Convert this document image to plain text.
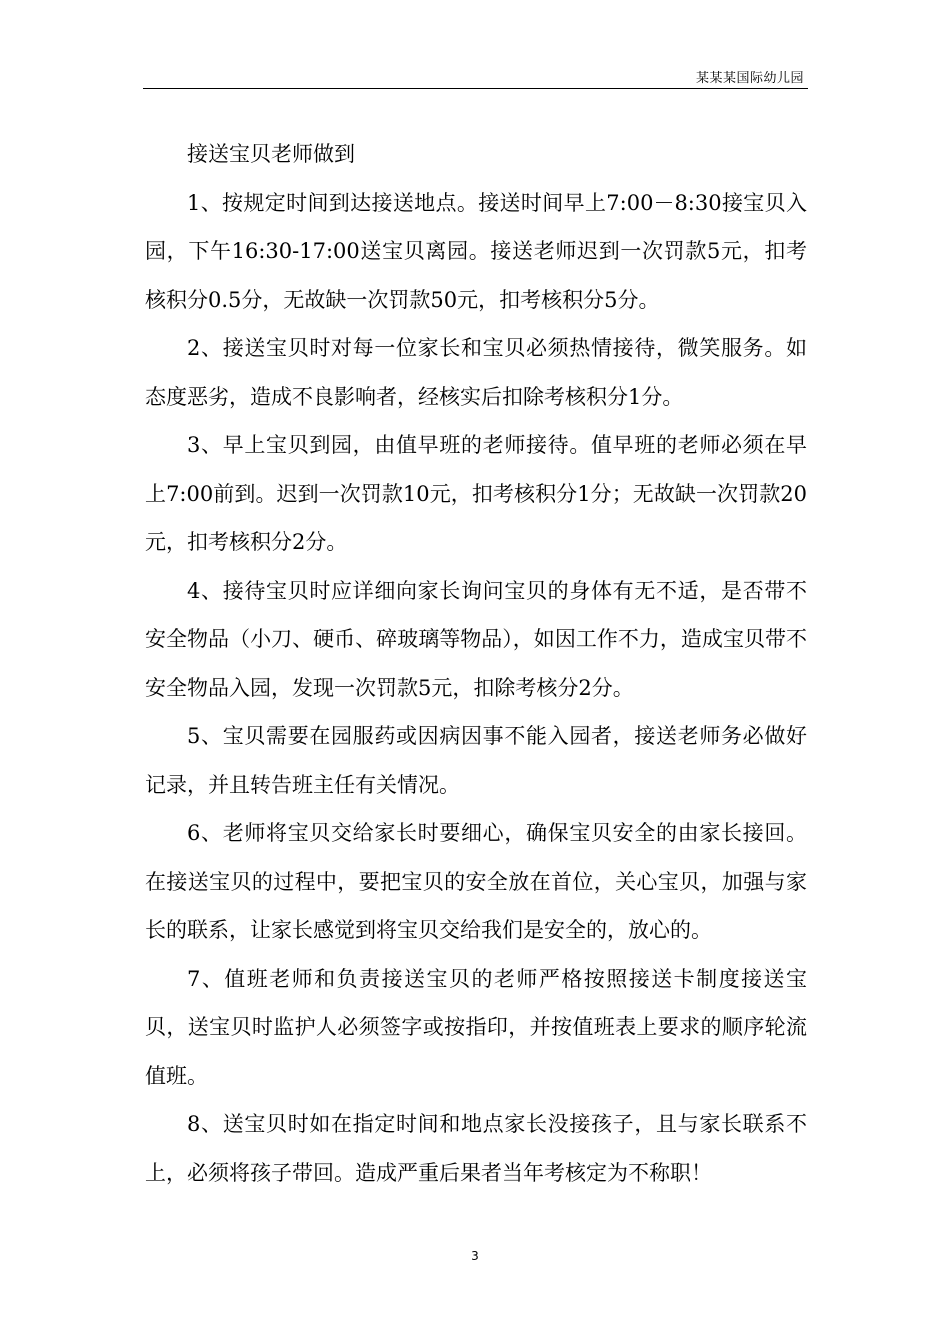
某某某国际幼儿园

接送宝贝老师做到

1、按规定时间到达接送地点。接送时间早上7:00－8:30接宝贝入园，下午16:30-17:00送宝贝离园。接送老师迟到一次罚款5元，扣考核积分0.5分，无故缺一次罚款50元，扣考核积分5分。

2、接送宝贝时对每一位家长和宝贝必须热情接待，微笑服务。如态度恶劣，造成不良影响者，经核实后扣除考核积分1分。

3、早上宝贝到园，由值早班的老师接待。值早班的老师必须在早上7:00前到。迟到一次罚款10元，扣考核积分1分；无故缺一次罚款20元，扣考核积分2分。

4、接待宝贝时应详细向家长询问宝贝的身体有无不适，是否带不安全物品（小刀、硬币、碎玻璃等物品），如因工作不力，造成宝贝带不安全物品入园，发现一次罚款5元，扣除考核分2分。

5、宝贝需要在园服药或因病因事不能入园者，接送老师务必做好记录，并且转告班主任有关情况。

6、老师将宝贝交给家长时要细心，确保宝贝安全的由家长接回。在接送宝贝的过程中，要把宝贝的安全放在首位，关心宝贝，加强与家长的联系，让家长感觉到将宝贝交给我们是安全的，放心的。

7、值班老师和负责接送宝贝的老师严格按照接送卡制度接送宝贝，送宝贝时监护人必须签字或按指印，并按值班表上要求的顺序轮流值班。

8、送宝贝时如在指定时间和地点家长没接孩子，且与家长联系不上，必须将孩子带回。造成严重后果者当年考核定为不称职！

3
